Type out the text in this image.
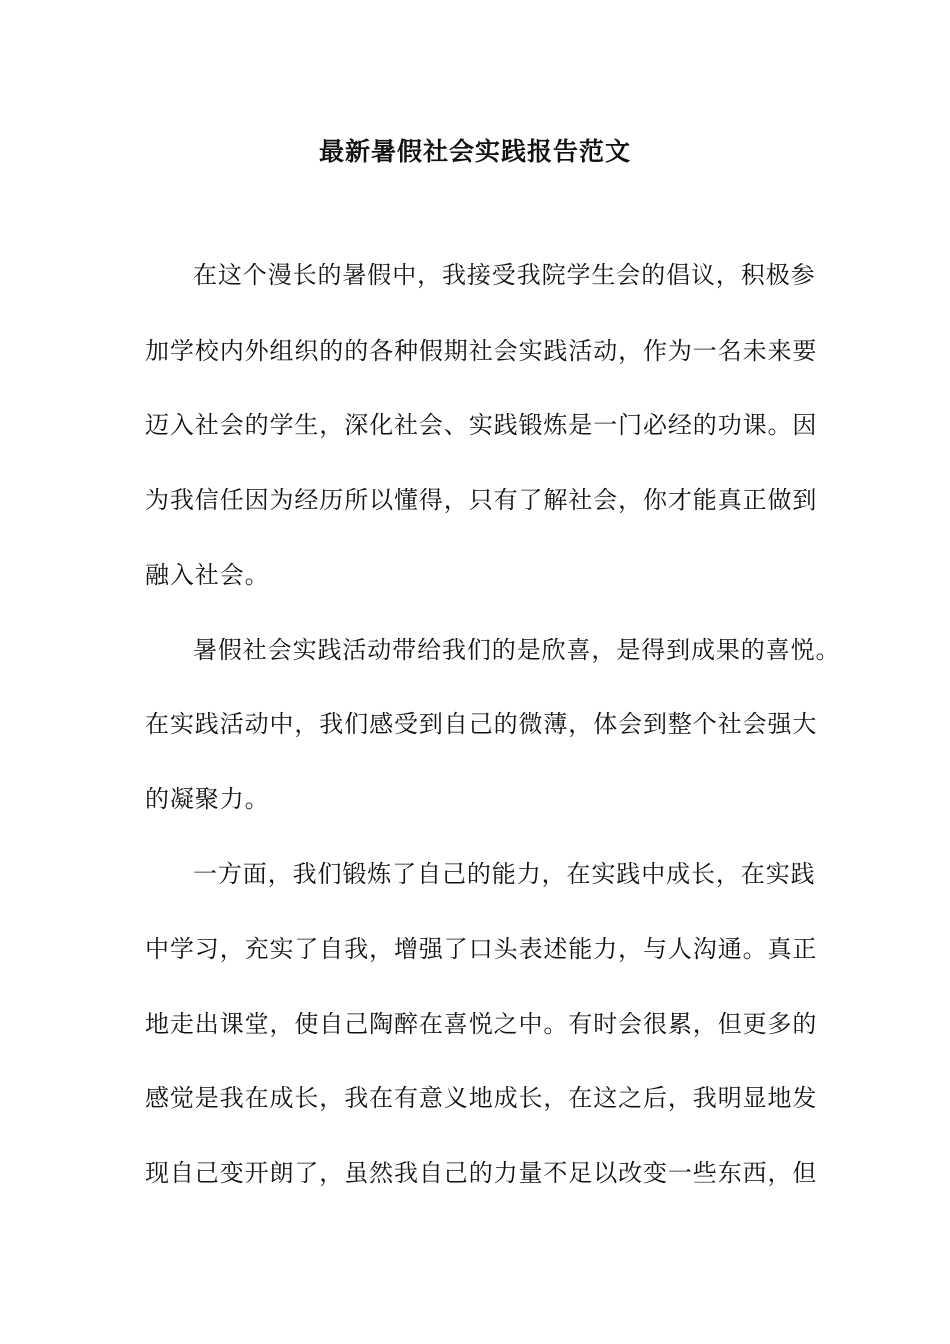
最新暑假社会实践报告范文
在这个漫长的暑假中，我接受我院学生会的倡议，积极参
加学校内外组织的的各种假期社会实践活动，作为一名未来要
迈入社会的学生，深化社会、实践锻炼是一门必经的功课。因
为我信任因为经历所以懂得，只有了解社会，你才能真正做到
融入社会。
暑假社会实践活动带给我们的是欣喜，是得到成果的喜悦。
在实践活动中，我们感受到自己的微薄，体会到整个社会强大
的凝聚力。
一方面，我们锻炼了自己的能力，在实践中成长，在实践
中学习，充实了自我，增强了口头表述能力，与人沟通。真正
地走出课堂，使自己陶醉在喜悦之中。有时会很累，但更多的
感觉是我在成长，我在有意义地成长，在这之后，我明显地发
现自己变开朗了，虽然我自己的力量不足以改变一些东西，但
